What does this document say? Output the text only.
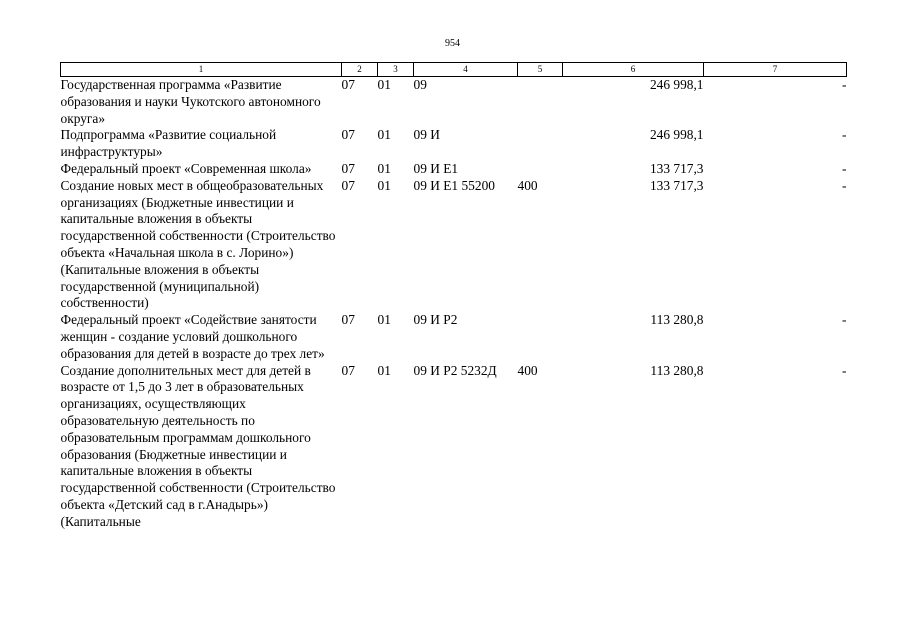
954
1	2	3	4	5	6	7
Государственная программа «Развитие образования и науки Чукотского автономного округа»	07	01	09		246 998,1	-
Подпрограмма «Развитие социальной инфраструктуры»	07	01	09 И		246 998,1	-
Федеральный проект «Современная школа»	07	01	09 И Е1		133 717,3	-
Создание новых мест в общеобразовательных организациях (Бюджетные инвестиции и капитальные вложения в объекты государственной собственности (Строительство объекта «Начальная школа в с. Лорино») (Капитальные вложения в объекты государственной (муниципальной) собственности)	07	01	09 И Е1 55200	400	133 717,3	-
Федеральный проект «Содействие занятости женщин - создание условий дошкольного образования для детей в возрасте до трех лет»	07	01	09 И Р2		113 280,8	-
Создание дополнительных мест для детей в возрасте от 1,5 до 3 лет в образовательных организациях, осуществляющих образовательную деятельность по образовательным программам дошкольного образования (Бюджетные инвестиции и капитальные вложения в объекты государственной собственности (Строительство объекта «Детский сад в г.Анадырь») (Капитальные	07	01	09 И Р2 5232Д	400	113 280,8	-
